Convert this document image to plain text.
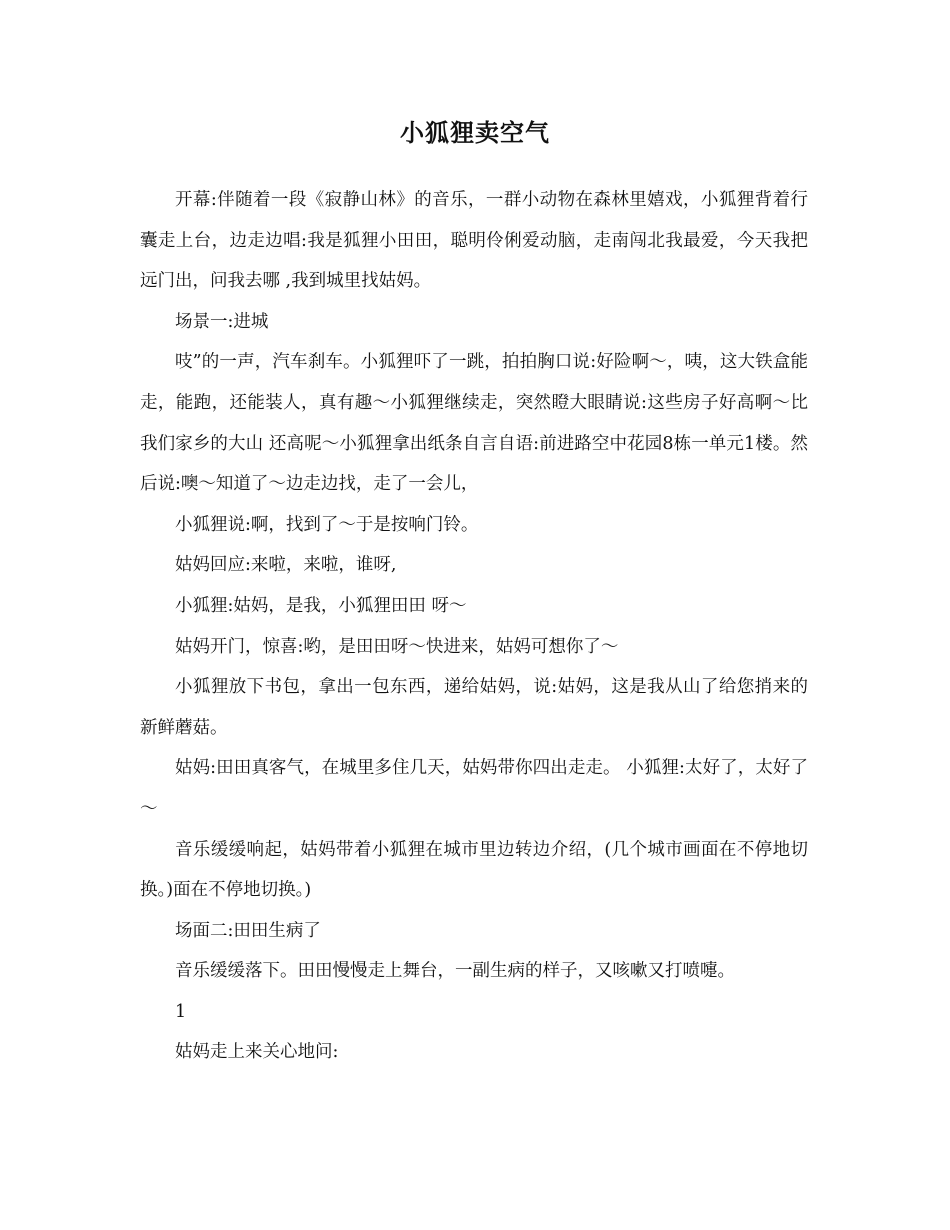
小狐狸卖空气

开幕:伴随着一段《寂静山林》的音乐，一群小动物在森林里嬉戏，小狐狸背着行囊走上台，边走边唱:我是狐狸小田田，聪明伶俐爱动脑，走南闯北我最爱，今天我把远门出，问我去哪 ,我到城里找姑妈。

场景一:进城

吱”的一声，汽车刹车。小狐狸吓了一跳，拍拍胸口说:好险啊～，咦，这大铁盒能走，能跑，还能装人，真有趣～小狐狸继续走，突然瞪大眼睛说:这些房子好高啊～比我们家乡的大山 还高呢～小狐狸拿出纸条自言自语:前进路空中花园8栋一单元1楼。然后说:噢～知道了～边走边找，走了一会儿，

小狐狸说:啊，找到了～于是按响门铃。

姑妈回应:来啦，来啦，谁呀,

小狐狸:姑妈，是我，小狐狸田田 呀～

姑妈开门，惊喜:哟，是田田呀～快进来，姑妈可想你了～

小狐狸放下书包，拿出一包东西，递给姑妈，说:姑妈，这是我从山了给您捎来的新鲜蘑菇。

姑妈:田田真客气，在城里多住几天，姑妈带你四出走走。 小狐狸:太好了，太好了～

音乐缓缓响起，姑妈带着小狐狸在城市里边转边介绍，(几个城市画面在不停地切换。)面在不停地切换。)

场面二:田田生病了

音乐缓缓落下。田田慢慢走上舞台，一副生病的样子，又咳嗽又打喷嚏。

1

姑妈走上来关心地问:
